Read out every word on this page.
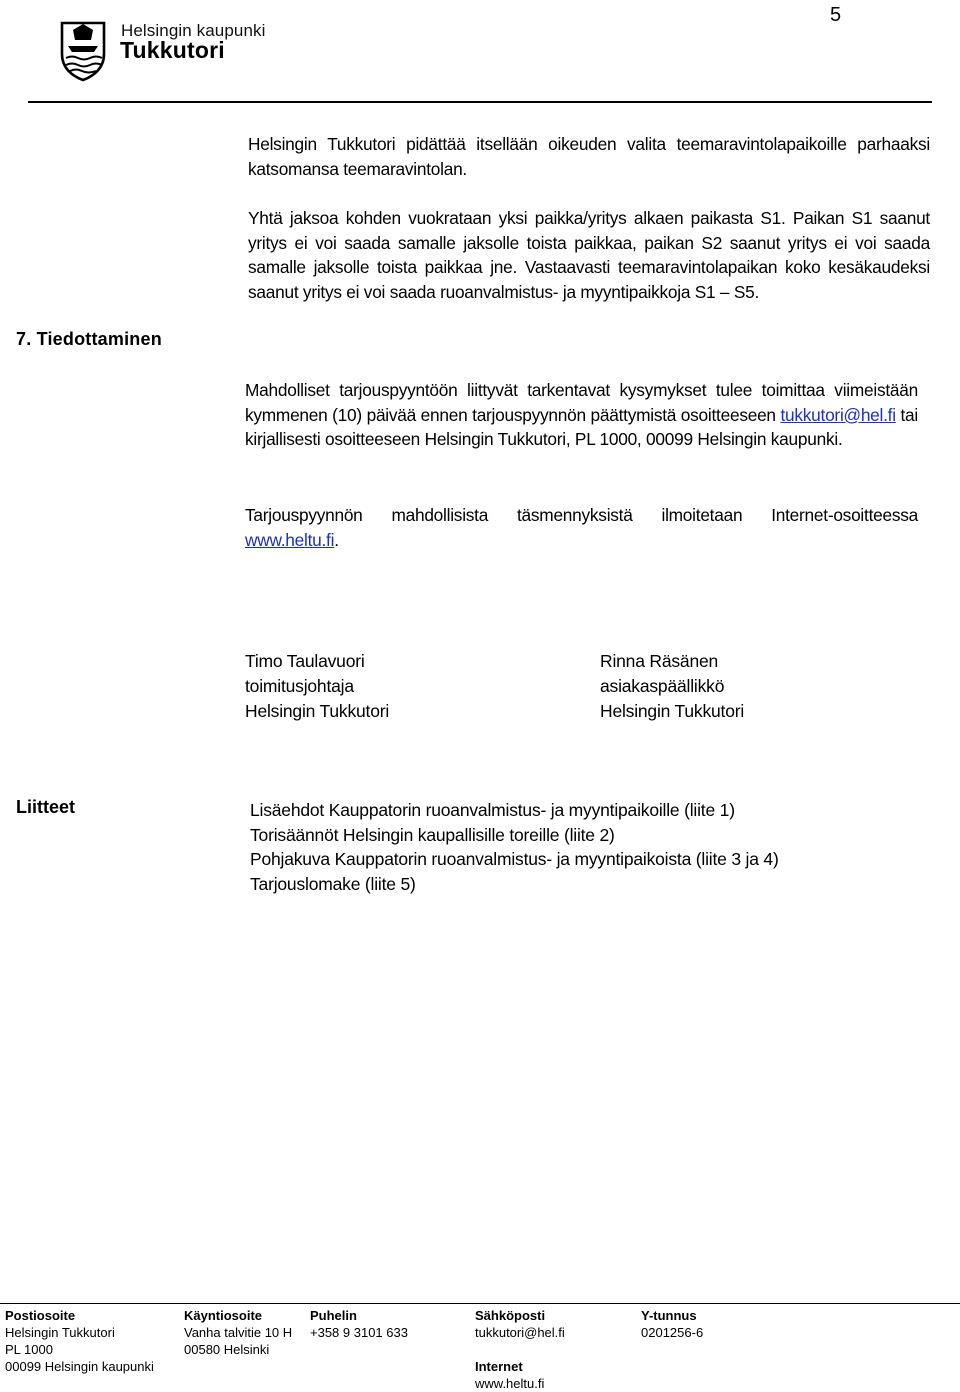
Helsingin kaupunki
Tukkutori
5

Helsingin Tukkutori pidättää itsellään oikeuden valita teemaravintolapaikoille parhaaksi katsomansa teemaravintolan.

Yhtä jaksoa kohden vuokrataan yksi paikka/yritys alkaen paikasta S1. Paikan S1 saanut yritys ei voi saada samalle jaksolle toista paikkaa, paikan S2 saanut yritys ei voi saada samalle jaksolle toista paikkaa jne. Vastaavasti teemaravintolapaikan koko kesäkaudeksi saanut yritys ei voi saada ruoanvalmistus- ja myyntipaikkoja S1 – S5.

7. Tiedottaminen

Mahdolliset tarjouspyyntöön liittyvät tarkentavat kysymykset tulee toimittaa viimeistään kymmenen (10) päivää ennen tarjouspyynnön päättymistä osoitteeseen tukkutori@hel.fi tai kirjallisesti osoitteeseen Helsingin Tukkutori, PL 1000, 00099 Helsingin kaupunki.

Tarjouspyynnön mahdollisista täsmennyksistä ilmoitetaan Internet-osoitteessa www.heltu.fi.

Timo Taulavuori
toimitusjohtaja
Helsingin Tukkutori
Rinna Räsänen
asiakaspäällikkö
Helsingin Tukkutori
Liitteet	Lisäehdot Kauppatorin ruoanvalmistus- ja myyntipaikoille (liite 1)
Torisäännöt Helsingin kaupallisille toreille (liite 2)
Pohjakuva Kauppatorin ruoanvalmistus- ja myyntipaikoista (liite 3 ja 4)
Tarjouslomake (liite 5)
Postiosoite
Helsingin Tukkutori
PL 1000
00099 Helsingin kaupunki
Käyntiosoite
Vanha talvitie 10 H
00580 Helsinki
Puhelin
+358 9 3101 633
Sähköposti
tukkutori@hel.fi

Internet
www.heltu.fi
Y-tunnus
0201256-6
